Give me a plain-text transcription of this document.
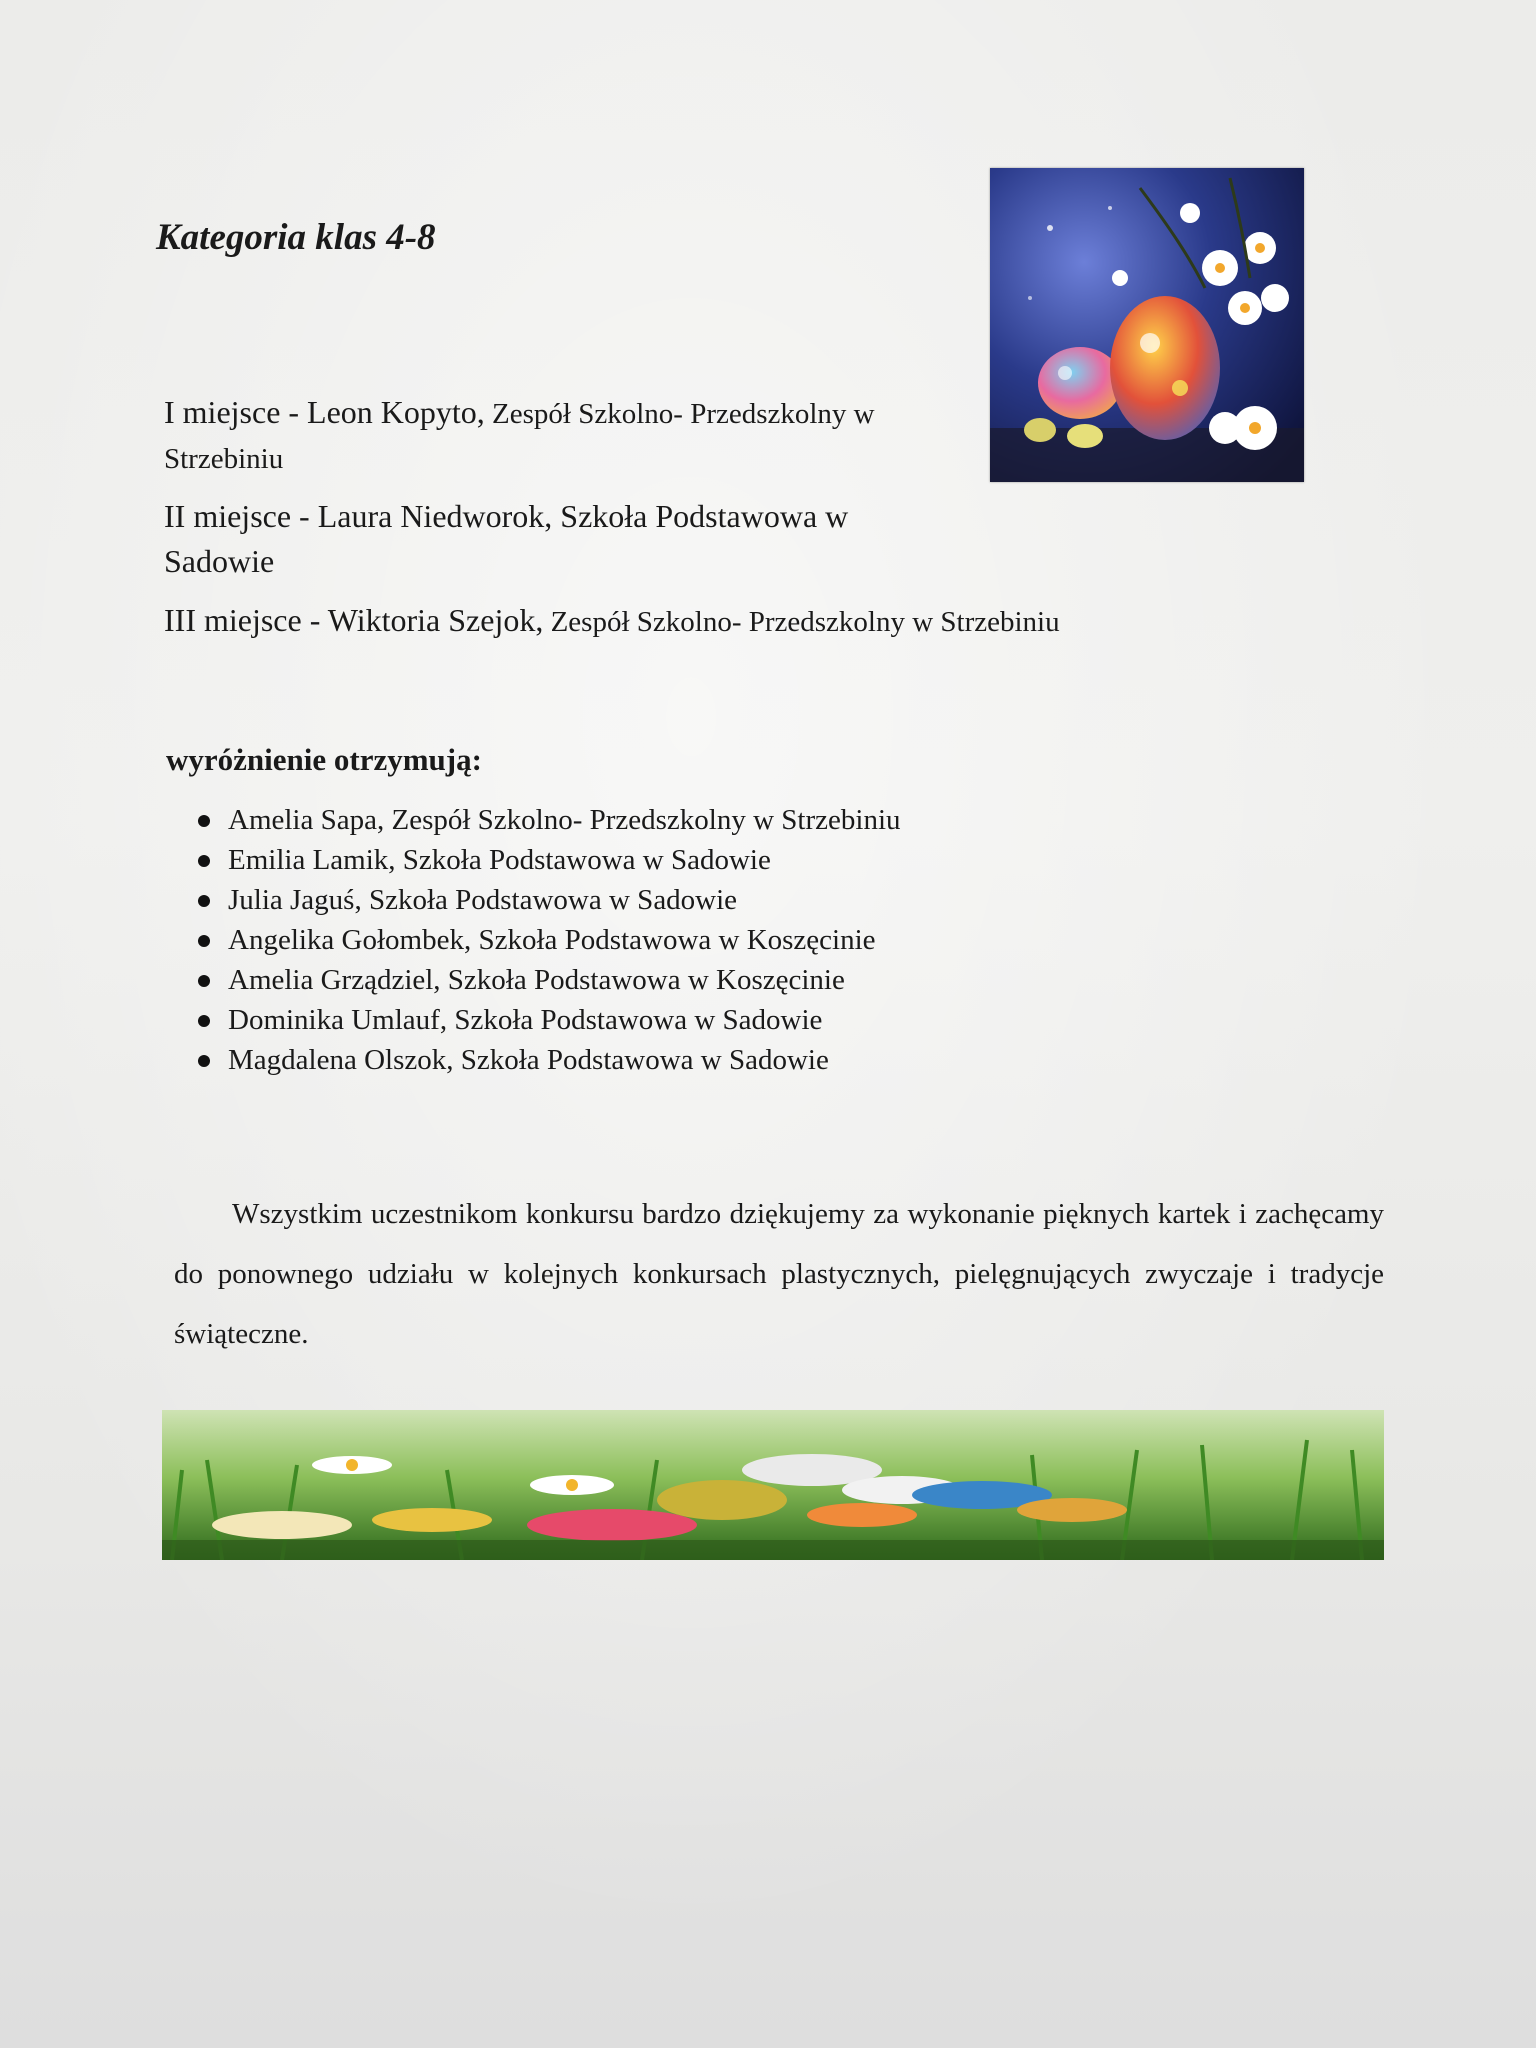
Kategoria klas 4-8
I miejsce - Leon Kopyto, Zespół Szkolno- Przedszkolny w Strzebiniu
II miejsce - Laura Niedworok, Szkoła Podstawowa w Sadowie
III miejsce - Wiktoria Szejok, Zespół Szkolno- Przedszkolny w Strzebiniu
wyróżnienie otrzymują:
Amelia Sapa, Zespół Szkolno- Przedszkolny w Strzebiniu
Emilia Lamik, Szkoła Podstawowa w Sadowie
Julia Jaguś, Szkoła Podstawowa w Sadowie
Angelika Gołombek, Szkoła Podstawowa w Koszęcinie
Amelia Grządziel, Szkoła Podstawowa w Koszęcinie
Dominika Umlauf, Szkoła Podstawowa w Sadowie
Magdalena Olszok, Szkoła Podstawowa w Sadowie
Wszystkim uczestnikom konkursu bardzo dziękujemy za wykonanie pięknych kartek i zachęcamy do ponownego udziału w kolejnych konkursach plastycznych, pielęgnujących zwyczaje i tradycje świąteczne.
